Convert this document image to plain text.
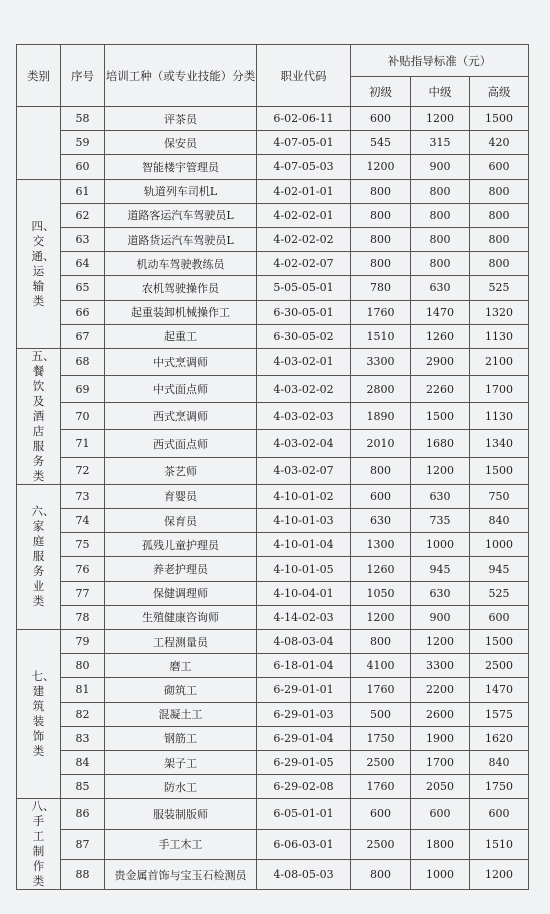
类别	序号	培训工种（或专业技能）分类	职业代码	补贴指导标准（元）		
				初级	中级	高级
	58	评茶员	6-02-06-11	600	1200	1500
	59	保安员	4-07-05-01	545	315	420
	60	智能楼宇管理员	4-07-05-03	1200	900	600
四、交通、运输类	61	轨道列车司机L	4-02-01-01	800	800	800
	62	道路客运汽车驾驶员L	4-02-02-01	800	800	800
	63	道路货运汽车驾驶员L	4-02-02-02	800	800	800
	64	机动车驾驶教练员	4-02-02-07	800	800	800
	65	农机驾驶操作员	5-05-05-01	780	630	525
	66	起重装卸机械操作工	6-30-05-01	1760	1470	1320
	67	起重工	6-30-05-02	1510	1260	1130
五、餐饮及酒店服务类	68	中式烹调师	4-03-02-01	3300	2900	2100
	69	中式面点师	4-03-02-02	2800	2260	1700
	70	西式烹调师	4-03-02-03	1890	1500	1130
	71	西式面点师	4-03-02-04	2010	1680	1340
	72	茶艺师	4-03-02-07	800	1200	1500
六、家庭服务业类	73	育婴员	4-10-01-02	600	630	750
	74	保育员	4-10-01-03	630	735	840
	75	孤残儿童护理员	4-10-01-04	1300	1000	1000
	76	养老护理员	4-10-01-05	1260	945	945
	77	保健调理师	4-10-04-01	1050	630	525
	78	生殖健康咨询师	4-14-02-03	1200	900	600
七、建筑装饰类	79	工程测量员	4-08-03-04	800	1200	1500
	80	磨工	6-18-01-04	4100	3300	2500
	81	砌筑工	6-29-01-01	1760	2200	1470
	82	混凝土工	6-29-01-03	500	2600	1575
	83	钢筋工	6-29-01-04	1750	1900	1620
	84	架子工	6-29-01-05	2500	1700	840
	85	防水工	6-29-02-08	1760	2050	1750
八、手工制作类	86	服装制版师	6-05-01-01	600	600	600
	87	手工木工	6-06-03-01	2500	1800	1510
	88	贵金属首饰与宝玉石检测员	4-08-05-03	800	1000	1200
